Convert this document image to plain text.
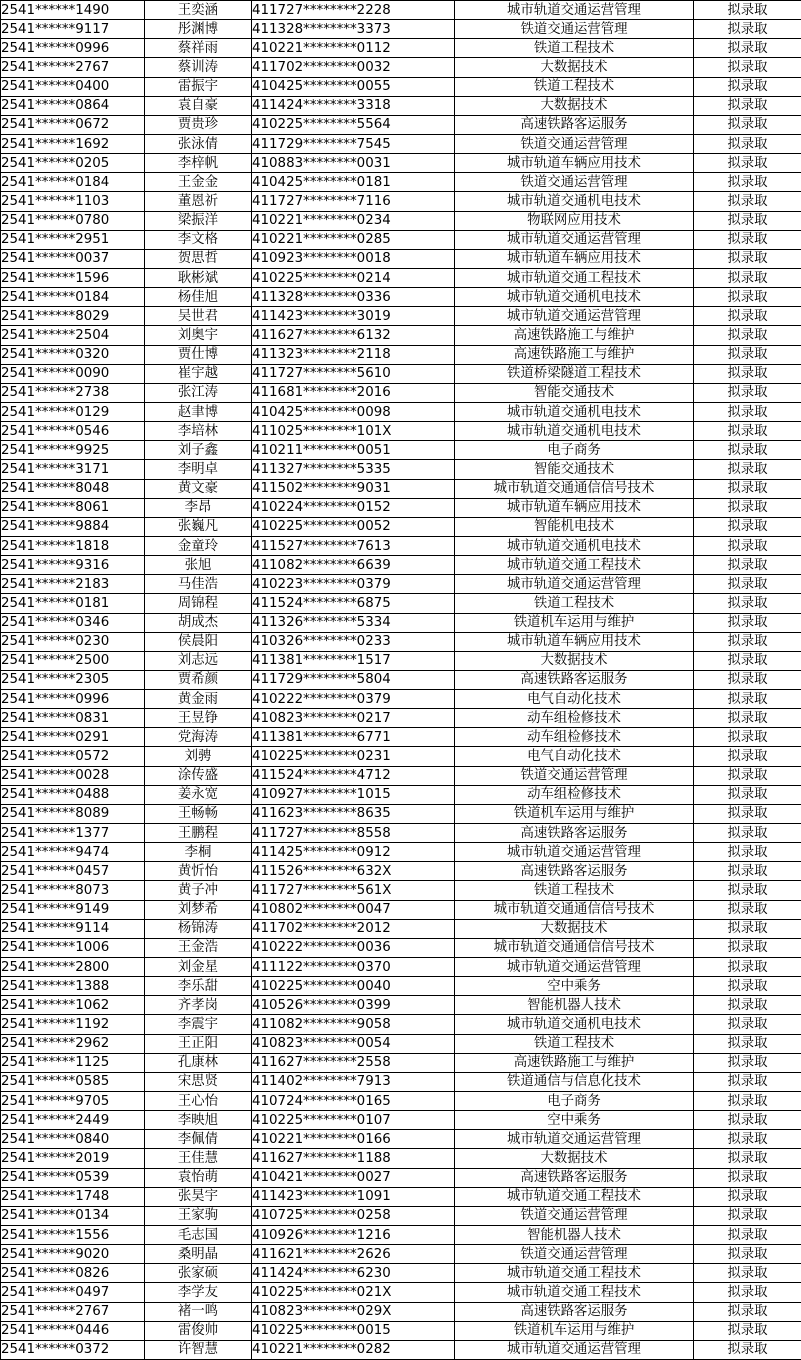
2541******1490	王奕涵	411727********2228	城市轨道交通运营管理	拟录取
2541******9117	彤渊博	411328********3373	铁道交通运营管理	拟录取
2541******0996	蔡祥雨	410221********0112	铁道工程技术	拟录取
2541******2767	蔡训涛	411702********0032	大数据技术	拟录取
2541******0400	雷振宇	410425********0055	铁道工程技术	拟录取
2541******0864	袁自豪	411424********3318	大数据技术	拟录取
2541******0672	贾贵珍	410225********5564	高速铁路客运服务	拟录取
2541******1692	张泳倩	411729********7545	铁道交通运营管理	拟录取
2541******0205	李梓帆	410883********0031	城市轨道车辆应用技术	拟录取
2541******0184	王金金	410425********0181	铁道交通运营管理	拟录取
2541******1103	董恩祈	411727********7116	城市轨道交通机电技术	拟录取
2541******0780	梁振洋	410221********0234	物联网应用技术	拟录取
2541******2951	李文格	410221********0285	城市轨道交通运营管理	拟录取
2541******0037	贺思哲	410923********0018	城市轨道车辆应用技术	拟录取
2541******1596	耿彬斌	410225********0214	城市轨道交通工程技术	拟录取
2541******0184	杨佳旭	411328********0336	城市轨道交通机电技术	拟录取
2541******8029	吴世君	411423********3019	城市轨道交通运营管理	拟录取
2541******2504	刘奥宇	411627********6132	高速铁路施工与维护	拟录取
2541******0320	贾仕博	411323********2118	高速铁路施工与维护	拟录取
2541******0090	崔宇越	411727********5610	铁道桥梁隧道工程技术	拟录取
2541******2738	张江涛	411681********2016	智能交通技术	拟录取
2541******0129	赵聿博	410425********0098	城市轨道交通机电技术	拟录取
2541******0546	李培林	411025********101X	城市轨道交通机电技术	拟录取
2541******9925	刘子鑫	410211********0051	电子商务	拟录取
2541******3171	李明卓	411327********5335	智能交通技术	拟录取
2541******8048	黄文豪	411502********9031	城市轨道交通通信信号技术	拟录取
2541******8061	李昂	410224********0152	城市轨道车辆应用技术	拟录取
2541******9884	张巍凡	410225********0052	智能机电技术	拟录取
2541******1818	金童玲	411527********7613	城市轨道交通机电技术	拟录取
2541******9316	张旭	411082********6639	城市轨道交通工程技术	拟录取
2541******2183	马佳浩	410223********0379	城市轨道交通运营管理	拟录取
2541******0181	周锦程	411524********6875	铁道工程技术	拟录取
2541******0346	胡成杰	411326********5334	铁道机车运用与维护	拟录取
2541******0230	侯晨阳	410326********0233	城市轨道车辆应用技术	拟录取
2541******2500	刘志远	411381********1517	大数据技术	拟录取
2541******2305	贾希颜	411729********5804	高速铁路客运服务	拟录取
2541******0996	黄金雨	410222********0379	电气自动化技术	拟录取
2541******0831	王昱铮	410823********0217	动车组检修技术	拟录取
2541******0291	党海涛	411381********6771	动车组检修技术	拟录取
2541******0572	刘骋	410225********0231	电气自动化技术	拟录取
2541******0028	涂传盛	411524********4712	铁道交通运营管理	拟录取
2541******0488	姜永宽	410927********1015	动车组检修技术	拟录取
2541******8089	王畅畅	411623********8635	铁道机车运用与维护	拟录取
2541******1377	王鹏程	411727********8558	高速铁路客运服务	拟录取
2541******9474	李桐	411425********0912	城市轨道交通运营管理	拟录取
2541******0457	黄忻怡	411526********632X	高速铁路客运服务	拟录取
2541******8073	黄子冲	411727********561X	铁道工程技术	拟录取
2541******9149	刘梦希	410802********0047	城市轨道交通通信信号技术	拟录取
2541******9114	杨锦涛	411702********2012	大数据技术	拟录取
2541******1006	王金浩	410222********0036	城市轨道交通通信信号技术	拟录取
2541******2800	刘金星	411122********0370	城市轨道交通运营管理	拟录取
2541******1388	李乐甜	410225********0040	空中乘务	拟录取
2541******1062	齐孝岗	410526********0399	智能机器人技术	拟录取
2541******1192	李震宇	411082********9058	城市轨道交通机电技术	拟录取
2541******2962	王正阳	410823********0054	铁道工程技术	拟录取
2541******1125	孔康林	411627********2558	高速铁路施工与维护	拟录取
2541******0585	宋思贤	411402********7913	铁道通信与信息化技术	拟录取
2541******9705	王心怡	410724********0165	电子商务	拟录取
2541******2449	李映旭	410225********0107	空中乘务	拟录取
2541******0840	李佩倩	410221********0166	城市轨道交通运营管理	拟录取
2541******2019	王佳慧	411627********1188	大数据技术	拟录取
2541******0539	袁怡萌	410421********0027	高速铁路客运服务	拟录取
2541******1748	张昊宇	411423********1091	城市轨道交通工程技术	拟录取
2541******0134	王家驹	410725********0258	铁道交通运营管理	拟录取
2541******1556	毛志国	410926********1216	智能机器人技术	拟录取
2541******9020	桑明晶	411621********2626	铁道交通运营管理	拟录取
2541******0826	张家硕	411424********6230	城市轨道交通工程技术	拟录取
2541******0497	李学友	410225********021X	城市轨道交通工程技术	拟录取
2541******2767	褚一鸣	410823********029X	高速铁路客运服务	拟录取
2541******0446	雷俊帅	410225********0015	铁道机车运用与维护	拟录取
2541******0372	许智慧	410221********0282	城市轨道交通运营管理	拟录取
